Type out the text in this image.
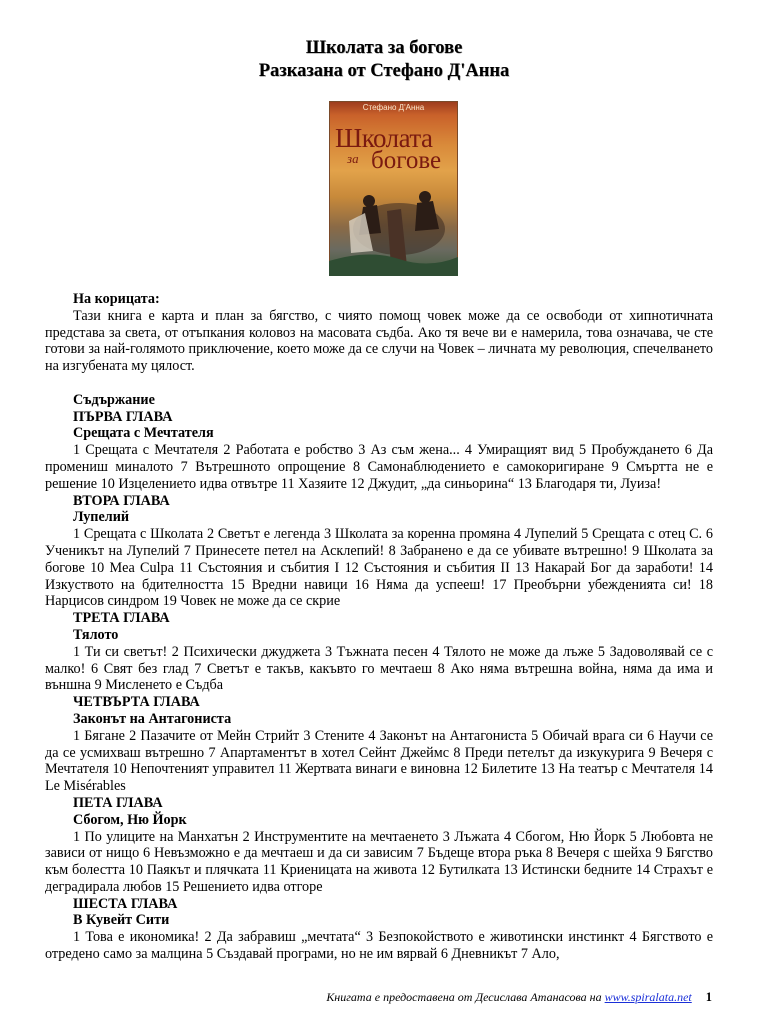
Школата за богове
Разказана от Стефано Д'Анна
Стефано Д'Анна
Школата
за богове

На корицата:

Тази книга е карта и план за бягство, с чиято помощ човек може да се освободи от хипнотичната представа за света, от отъпкания коловоз на масовата съдба. Ако тя вече ви е намерила, това означава, че сте готови за най-голямото приключение, което може да се случи на Човек – личната му революция, спечелването на изгубената му цялост.

Съдържание

ПЪРВА ГЛАВА

Срещата с Мечтателя

1 Срещата с Мечтателя 2 Работата е робство 3 Аз съм жена... 4 Умиращият вид 5 Пробуждането 6 Да промениш миналото 7 Вътрешното опрощение 8 Самонаблюдението е самокоригиране 9 Смъртта не е решение 10 Изцелението идва отвътре 11 Хазяите 12 Джудит, „да синьорина“ 13 Благодаря ти, Луиза!

ВТОРА ГЛАВА

Лупелий

1 Срещата с Школата 2 Светът е легенда 3 Школата за коренна промяна 4 Лупелий 5 Срещата с отец С. 6 Ученикът на Лупелий 7 Принесете петел на Асклепий! 8 Забранено е да се убивате вътрешно! 9 Школата за богове 10 Mea Culpa 11 Състояния и събития I 12 Състояния и събития II 13 Накарай Бог да заработи! 14 Изкуството на бдителността 15 Вредни навици 16 Няма да успееш! 17 Преобърни убежденията си! 18 Нарцисов синдром 19 Човек не може да се скрие

ТРЕТА ГЛАВА

Тялото

1 Ти си светът! 2 Психически джуджета 3 Тъжната песен 4 Тялото не може да лъже 5 Задоволявай се с малко! 6 Свят без глад 7 Светът е такъв, какъвто го мечтаеш 8 Ако няма вътрешна война, няма да има и външна 9 Мисленето е Съдба

ЧЕТВЪРТА ГЛАВА

Законът на Антагониста

1 Бягане 2 Пазачите от Мейн Стрийт 3 Стените 4 Законът на Антагониста 5 Обичай врага си 6 Научи се да се усмихваш вътрешно 7 Апартаментът в хотел Сейнт Джеймс 8 Преди петелът да изкукурига 9 Вечеря с Мечтателя 10 Непочтеният управител 11 Жертвата винаги е виновна 12 Билетите 13 На театър с Мечтателя 14 Le Misérables

ПЕТА ГЛАВА

Сбогом, Ню Йорк

1 По улиците на Манхатън 2 Инструментите на мечтаенето 3 Лъжата 4 Сбогом, Ню Йорк 5 Любовта не зависи от нищо 6 Невъзможно е да мечтаеш и да си зависим 7 Бъдеще втора ръка 8 Вечеря с шейха 9 Бягство към болестта 10 Паякът и плячката 11 Криеницата на живота 12 Бутилката 13 Истински бедните 14 Страхът е деградирала любов 15 Решението идва отгоре

ШЕСТА ГЛАВА

В Кувейт Сити

1 Това е икономика! 2 Да забравиш „мечтата“ 3 Безпокойството е животински инстинкт 4 Бягството е отредено само за малцина 5 Създавай програми, но не им вярвай 6 Дневникът 7 Ало,

Книгата е предоставена от Десислава Атанасова на www.spiralata.net 1
